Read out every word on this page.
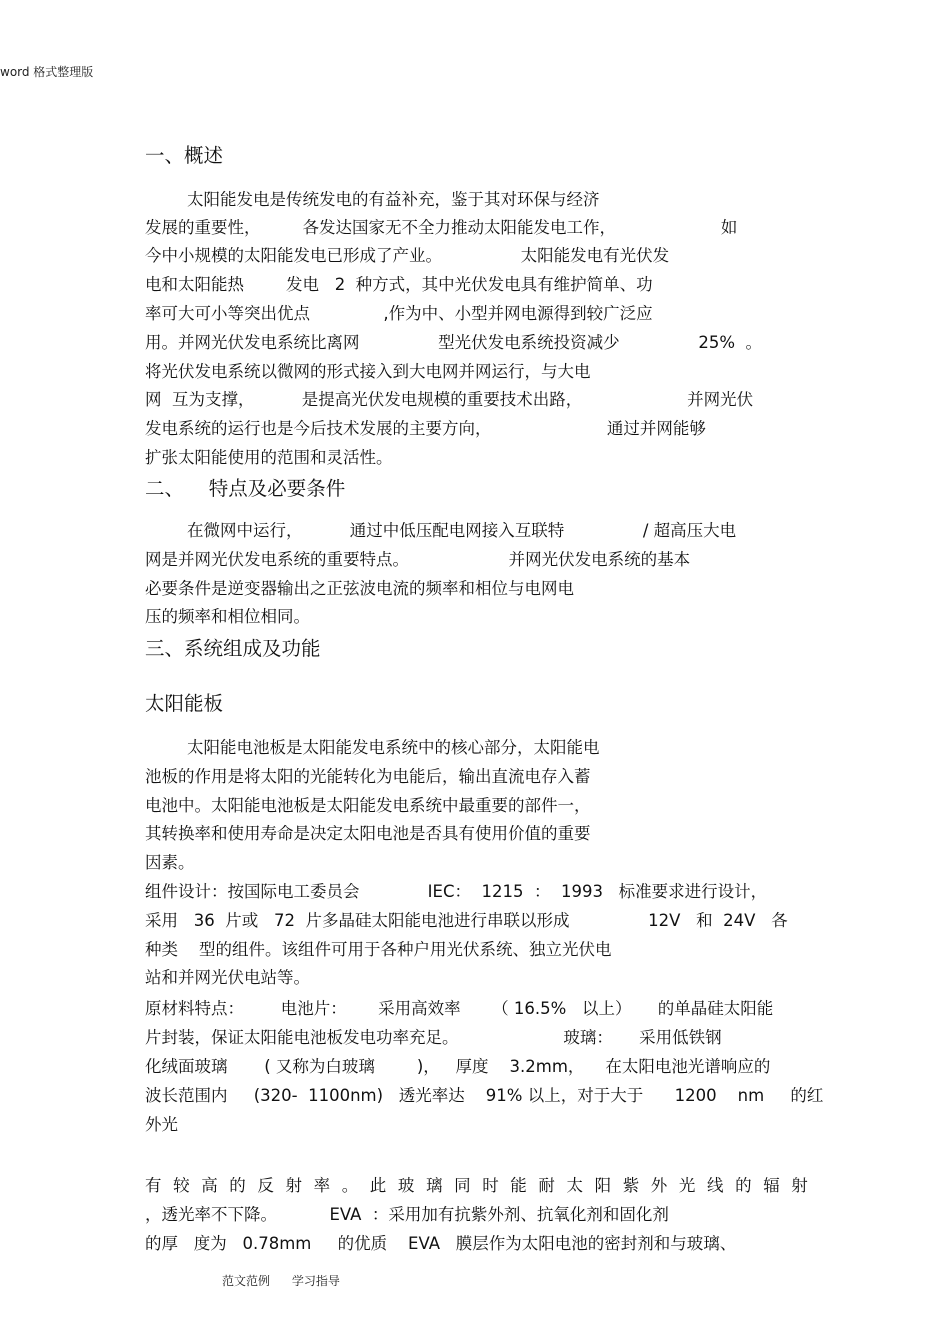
word 格式整理版
一、概述
太阳能发电是传统发电的有益补充，鉴于其对环保与经济
发展的重要性，        各发达国家无不全力推动太阳能发电工作，                    如
今中小规模的太阳能发电已形成了产业。               太阳能发电有光伏发
电和太阳能热        发电   2  种方式，其中光伏发电具有维护简单、功
率可大可小等突出优点              ,作为中、小型并网电源得到较广泛应
用。并网光伏发电系统比离网               型光伏发电系统投资减少               25%  。
将光伏发电系统以微网的形式接入到大电网并网运行，与大电
网  互为支撑，         是提高光伏发电规模的重要技术出路，                    并网光伏
发电系统的运行也是今后技术发展的主要方向，                      通过并网能够
扩张太阳能使用的范围和灵活性。
二、    特点及必要条件
在微网中运行，         通过中低压配电网接入互联特               / 超高压大电
网是并网光伏发电系统的重要特点。                   并网光伏发电系统的基本
必要条件是逆变器输出之正弦波电流的频率和相位与电网电
压的频率和相位相同。
三、系统组成及功能
太阳能板
太阳能电池板是太阳能发电系统中的核心部分，太阳能电
池板的作用是将太阳的光能转化为电能后，输出直流电存入蓄
电池中。太阳能电池板是太阳能发电系统中最重要的部件一，
其转换率和使用寿命是决定太阳电池是否具有使用价值的重要
因素。
组件设计：按国际电工委员会             IEC：  1215  ：  1993   标准要求进行设计，
采用   36  片或   72  片多晶硅太阳能电池进行串联以形成               12V   和  24V   各
种类    型的组件。该组件可用于各种户用光伏系统、独立光伏电
站和并网光伏电站等。
原材料特点：       电池片：      采用高效率      （ 16.5%   以上）     的单晶硅太阳能
片封装，保证太阳能电池板发电功率充足。                    玻璃：     采用低铁钢
化绒面玻璃       ( 又称为白玻璃        )，   厚度    3.2mm，    在太阳电池光谱响应的
波长范围内     (320-  1100nm)   透光率达    91% 以上，对于大于      1200    nm     的红
外光
有较高的反射率。此玻璃同时能耐太阳紫外光线的辐射
，透光率不下降。          EVA  ：采用加有抗紫外剂、抗氧化剂和固化剂
的厚   度为   0.78mm     的优质    EVA   膜层作为太阳电池的密封剂和与玻璃、
范文范例 学习指导
